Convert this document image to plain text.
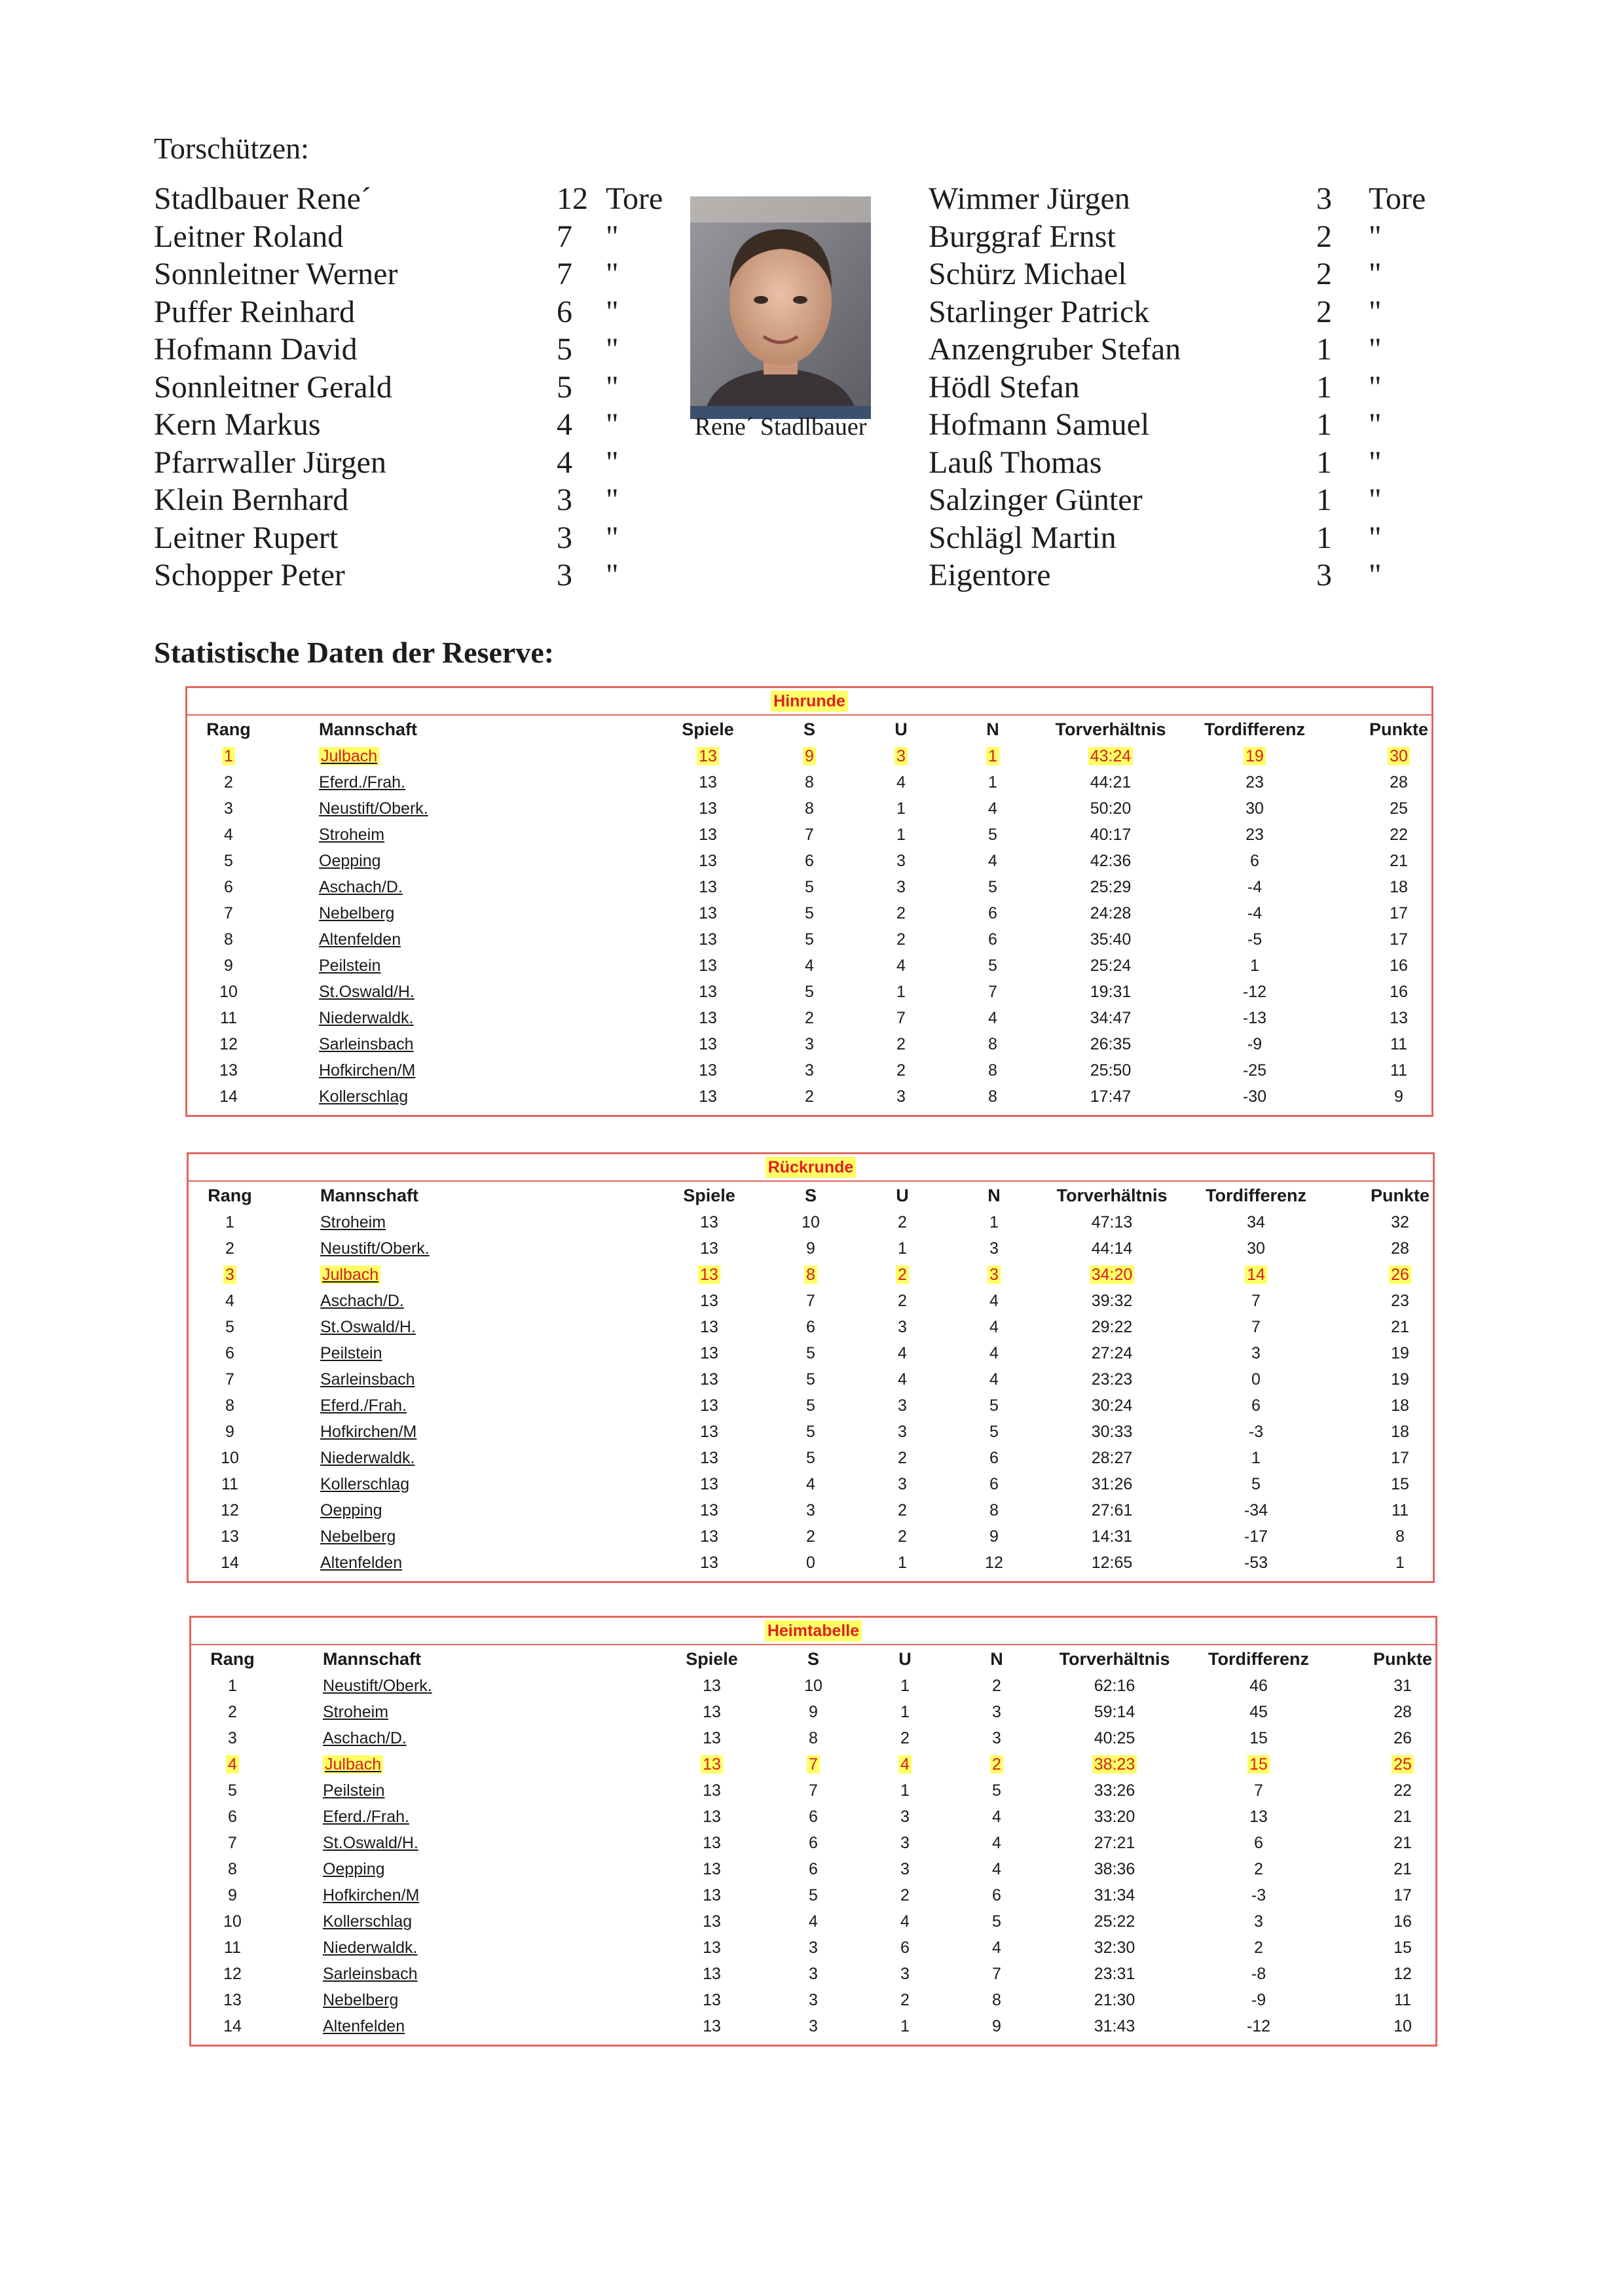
Torschützen:
Stadlbauer Rene´	12 Tore
Leitner Roland	7 "
Sonnleitner Werner	7 "
Puffer Reinhard	6 "
Hofmann David	5 "
Sonnleitner Gerald	5 "
Kern Markus	4 "
Pfarrwaller Jürgen	4 "
Klein Bernhard	3 "
Leitner Rupert	3 "
Schopper Peter	3 "
Rene´ Stadlbauer
Wimmer Jürgen	3 Tore
Burggraf Ernst	2 "
Schürz Michael	2 "
Starlinger Patrick	2 "
Anzengruber Stefan	1 "
Hödl Stefan	1 "
Hofmann Samuel	1 "
Lauß Thomas	1 "
Salzinger Günter	1 "
Schlägl Martin	1 "
Eigentore	3 "
Statistische Daten der Reserve:
Hinrunde
Rang	Mannschaft	Spiele	S	U	N	Torverhältnis	Tordifferenz	Punkte
1	Julbach	13	9	3	1	43:24	19	30
2	Eferd./Frah.	13	8	4	1	44:21	23	28
3	Neustift/Oberk.	13	8	1	4	50:20	30	25
4	Stroheim	13	7	1	5	40:17	23	22
5	Oepping	13	6	3	4	42:36	6	21
6	Aschach/D.	13	5	3	5	25:29	-4	18
7	Nebelberg	13	5	2	6	24:28	-4	17
8	Altenfelden	13	5	2	6	35:40	-5	17
9	Peilstein	13	4	4	5	25:24	1	16
10	St.Oswald/H.	13	5	1	7	19:31	-12	16
11	Niederwaldk.	13	2	7	4	34:47	-13	13
12	Sarleinsbach	13	3	2	8	26:35	-9	11
13	Hofkirchen/M	13	3	2	8	25:50	-25	11
14	Kollerschlag	13	2	3	8	17:47	-30	9
Rückrunde
Rang	Mannschaft	Spiele	S	U	N	Torverhältnis	Tordifferenz	Punkte
1	Stroheim	13	10	2	1	47:13	34	32
2	Neustift/Oberk.	13	9	1	3	44:14	30	28
3	Julbach	13	8	2	3	34:20	14	26
4	Aschach/D.	13	7	2	4	39:32	7	23
5	St.Oswald/H.	13	6	3	4	29:22	7	21
6	Peilstein	13	5	4	4	27:24	3	19
7	Sarleinsbach	13	5	4	4	23:23	0	19
8	Eferd./Frah.	13	5	3	5	30:24	6	18
9	Hofkirchen/M	13	5	3	5	30:33	-3	18
10	Niederwaldk.	13	5	2	6	28:27	1	17
11	Kollerschlag	13	4	3	6	31:26	5	15
12	Oepping	13	3	2	8	27:61	-34	11
13	Nebelberg	13	2	2	9	14:31	-17	8
14	Altenfelden	13	0	1	12	12:65	-53	1
Heimtabelle
Rang	Mannschaft	Spiele	S	U	N	Torverhältnis	Tordifferenz	Punkte
1	Neustift/Oberk.	13	10	1	2	62:16	46	31
2	Stroheim	13	9	1	3	59:14	45	28
3	Aschach/D.	13	8	2	3	40:25	15	26
4	Julbach	13	7	4	2	38:23	15	25
5	Peilstein	13	7	1	5	33:26	7	22
6	Eferd./Frah.	13	6	3	4	33:20	13	21
7	St.Oswald/H.	13	6	3	4	27:21	6	21
8	Oepping	13	6	3	4	38:36	2	21
9	Hofkirchen/M	13	5	2	6	31:34	-3	17
10	Kollerschlag	13	4	4	5	25:22	3	16
11	Niederwaldk.	13	3	6	4	32:30	2	15
12	Sarleinsbach	13	3	3	7	23:31	-8	12
13	Nebelberg	13	3	2	8	21:30	-9	11
14	Altenfelden	13	3	1	9	31:43	-12	10
